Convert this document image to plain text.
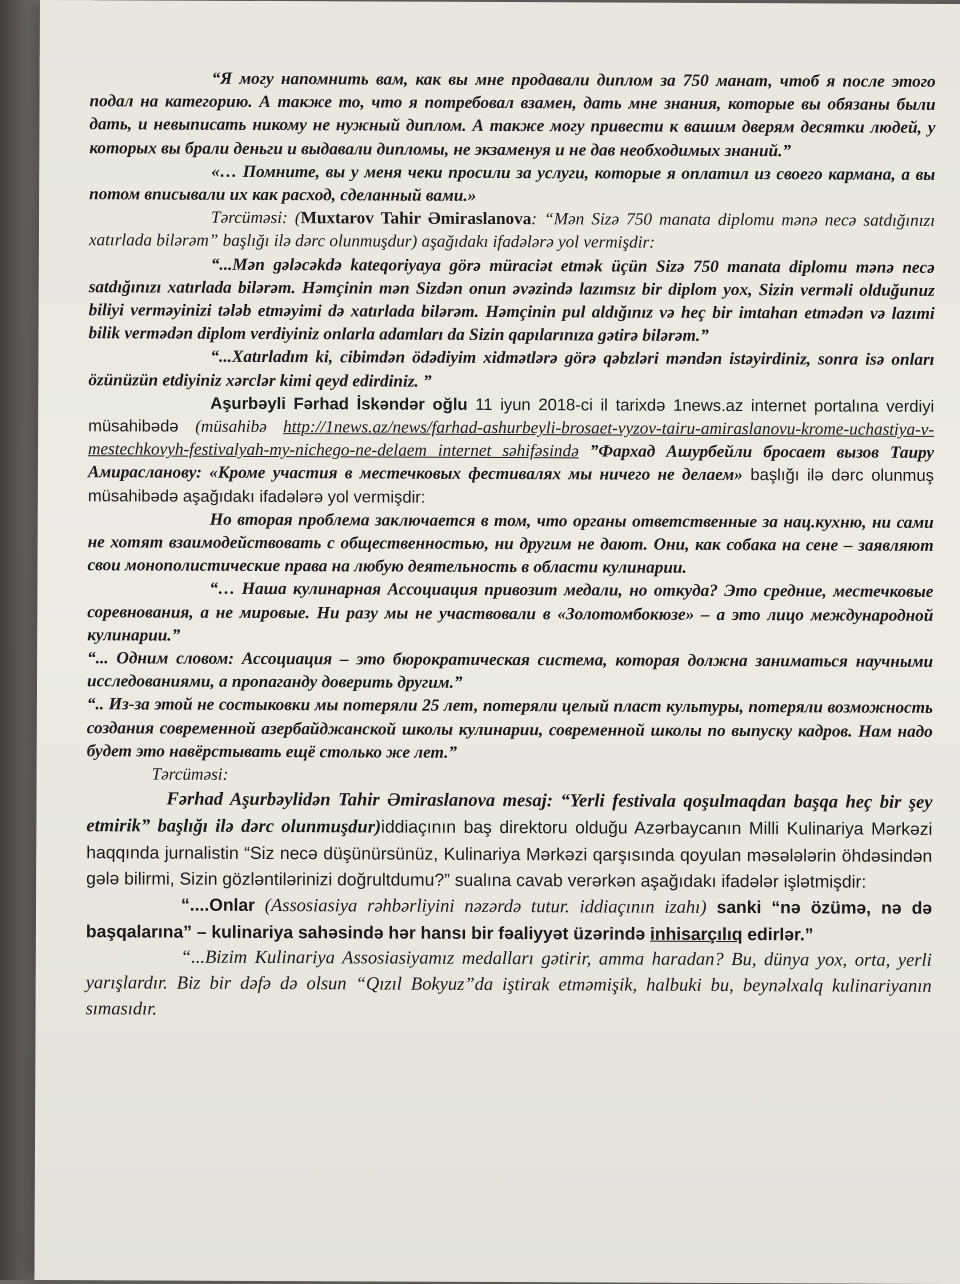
“Я могу напомнить вам, как вы мне продавали диплом за 750 манат, чтоб я после этого подал на категорию. А также то, что я потребовал взамен, дать мне знания, которые вы обязаны были дать, и невыписать никому не нужный диплом. А также могу привести к вашим дверям десятки людей, у которых вы брали деньги и выдавали дипломы, не экзаменуя и не дав необходимых знаний.”

«… Помните, вы у меня чеки просили за услуги, которые я оплатил из своего кармана, а вы потом вписывали их как расход, сделанный вами.»

Tərcüməsi: (Muxtarov Tahir Əmiraslanova: “Mən Sizə 750 manata diplomu mənə necə satdığınızı xatırlada bilərəm” başlığı ilə dərc olunmuşdur) aşağıdakı ifadələrə yol vermişdir:

“...Mən gələcəkdə kateqoriyaya görə müraciət etmək üçün Sizə 750 manata diplomu mənə necə satdığınızı xatırlada bilərəm. Həmçinin mən Sizdən onun əvəzində lazımsız bir diplom yox, Sizin verməli olduğunuz biliyi verməyinizi tələb etməyimi də xatırlada bilərəm. Həmçinin pul aldığınız və heç bir imtahan etmədən və lazımi bilik vermədən diplom verdiyiniz onlarla adamları da Sizin qapılarınıza gətirə bilərəm.”

“...Xatırladım ki, cibimdən ödədiyim xidmətlərə görə qəbzləri məndən istəyirdiniz, sonra isə onları özünüzün etdiyiniz xərclər kimi qeyd edirdiniz. ”

Aşurbəyli Fərhad İskəndər oğlu 11 iyun 2018-ci il tarixdə 1news.az internet portalına verdiyi müsahibədə (müsahibə http://1news.az/news/farhad-ashurbeyli-brosaet-vyzov-tairu-amiraslanovu-krome-uchastiya-v-mestechkovyh-festivalyah-my-nichego-ne-delaem internet səhifəsində ”Фархад Ашурбейли бросает вызов Таиру Амирасланову: «Кроме участия в местечковых фестивалях мы ничего не делаем» başlığı ilə dərc olunmuş müsahibədə aşağıdakı ifadələrə yol vermişdir:

Но вторая проблема заключается в том, что органы ответственные за нац.кухню, ни сами не хотят взаимодействовать с общественностью, ни другим не дают. Они, как собака на сене – заявляют свои монополистические права на любую деятельность в области кулинарии.

“… Наша кулинарная Ассоциация привозит медали, но откуда? Это средние, местечковые соревнования, а не мировые. Ни разу мы не участвовали в «Золотомбокюзе» – а это лицо международной кулинарии.”

“... Одним словом: Ассоциация – это бюрократическая система, которая должна заниматься научными исследованиями, а пропаганду доверить другим.”

“.. Из-за этой не состыковки мы потеряли 25 лет, потеряли целый пласт культуры, потеряли возможность создания современной азербайджанской школы кулинарии, современной школы по выпуску кадров. Нам надо будет это навёрстывать ещё столько же лет.”

Tərcüməsi:

Fərhad Aşurbəylidən Tahir Əmiraslanova mesaj: “Yerli festivala qoşulmaqdan başqa heç bir şey etmirik” başlığı ilə dərc olunmuşdur)iddiaçının baş direktoru olduğu Azərbaycanın Milli Kulinariya Mərkəzi haqqında jurnalistin “Siz necə düşünürsünüz, Kulinariya Mərkəzi qarşısında qoyulan məsələlərin öhdəsindən gələ bilirmi, Sizin gözləntilərinizi doğrultdumu?” sualına cavab verərkən aşağıdakı ifadələr işlətmişdir:

“....Onlar (Assosiasiya rəhbərliyini nəzərdə tutur. iddiaçının izahı) sanki “nə özümə, nə də başqalarına” – kulinariya sahəsində hər hansı bir fəaliyyət üzərində inhisarçılıq edirlər.”

“...Bizim Kulinariya Assosiasiyamız medalları gətirir, amma haradan? Bu, dünya yox, orta, yerli yarışlardır. Biz bir dəfə də olsun “Qızıl Bokyuz”da iştirak etməmişik, halbuki bu, beynəlxalq kulinariyanın sımasıdır.
